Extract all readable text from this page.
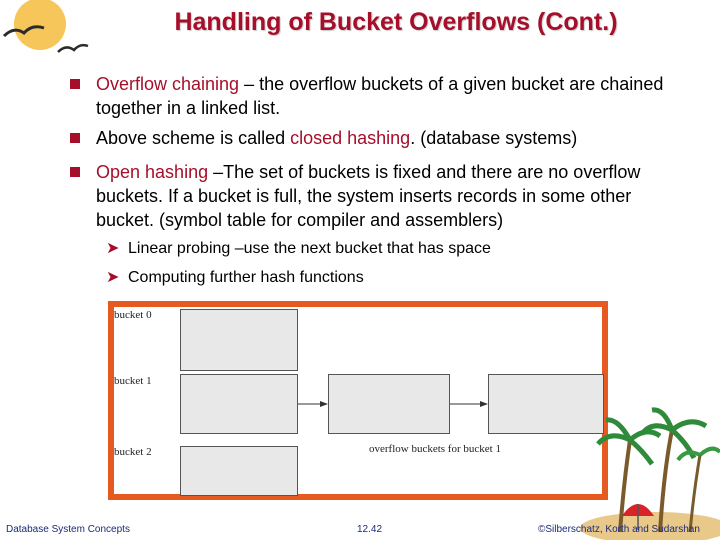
Handling of Bucket Overflows (Cont.)
Overflow chaining – the overflow buckets of a given bucket are chained together in a linked list.
Above scheme is called closed hashing. (database systems)
Open hashing –The set of buckets is fixed and there are no overflow buckets. If a bucket is full, the system inserts records in some other bucket. (symbol table for compiler and assemblers)
➤ Linear probing –use the next bucket that has space
➤ Computing further hash functions
bucket 0
bucket 1
bucket 2	overflow buckets for bucket 1
Database System Concepts	12.42	©Silberschatz, Korth and Sudarshan
